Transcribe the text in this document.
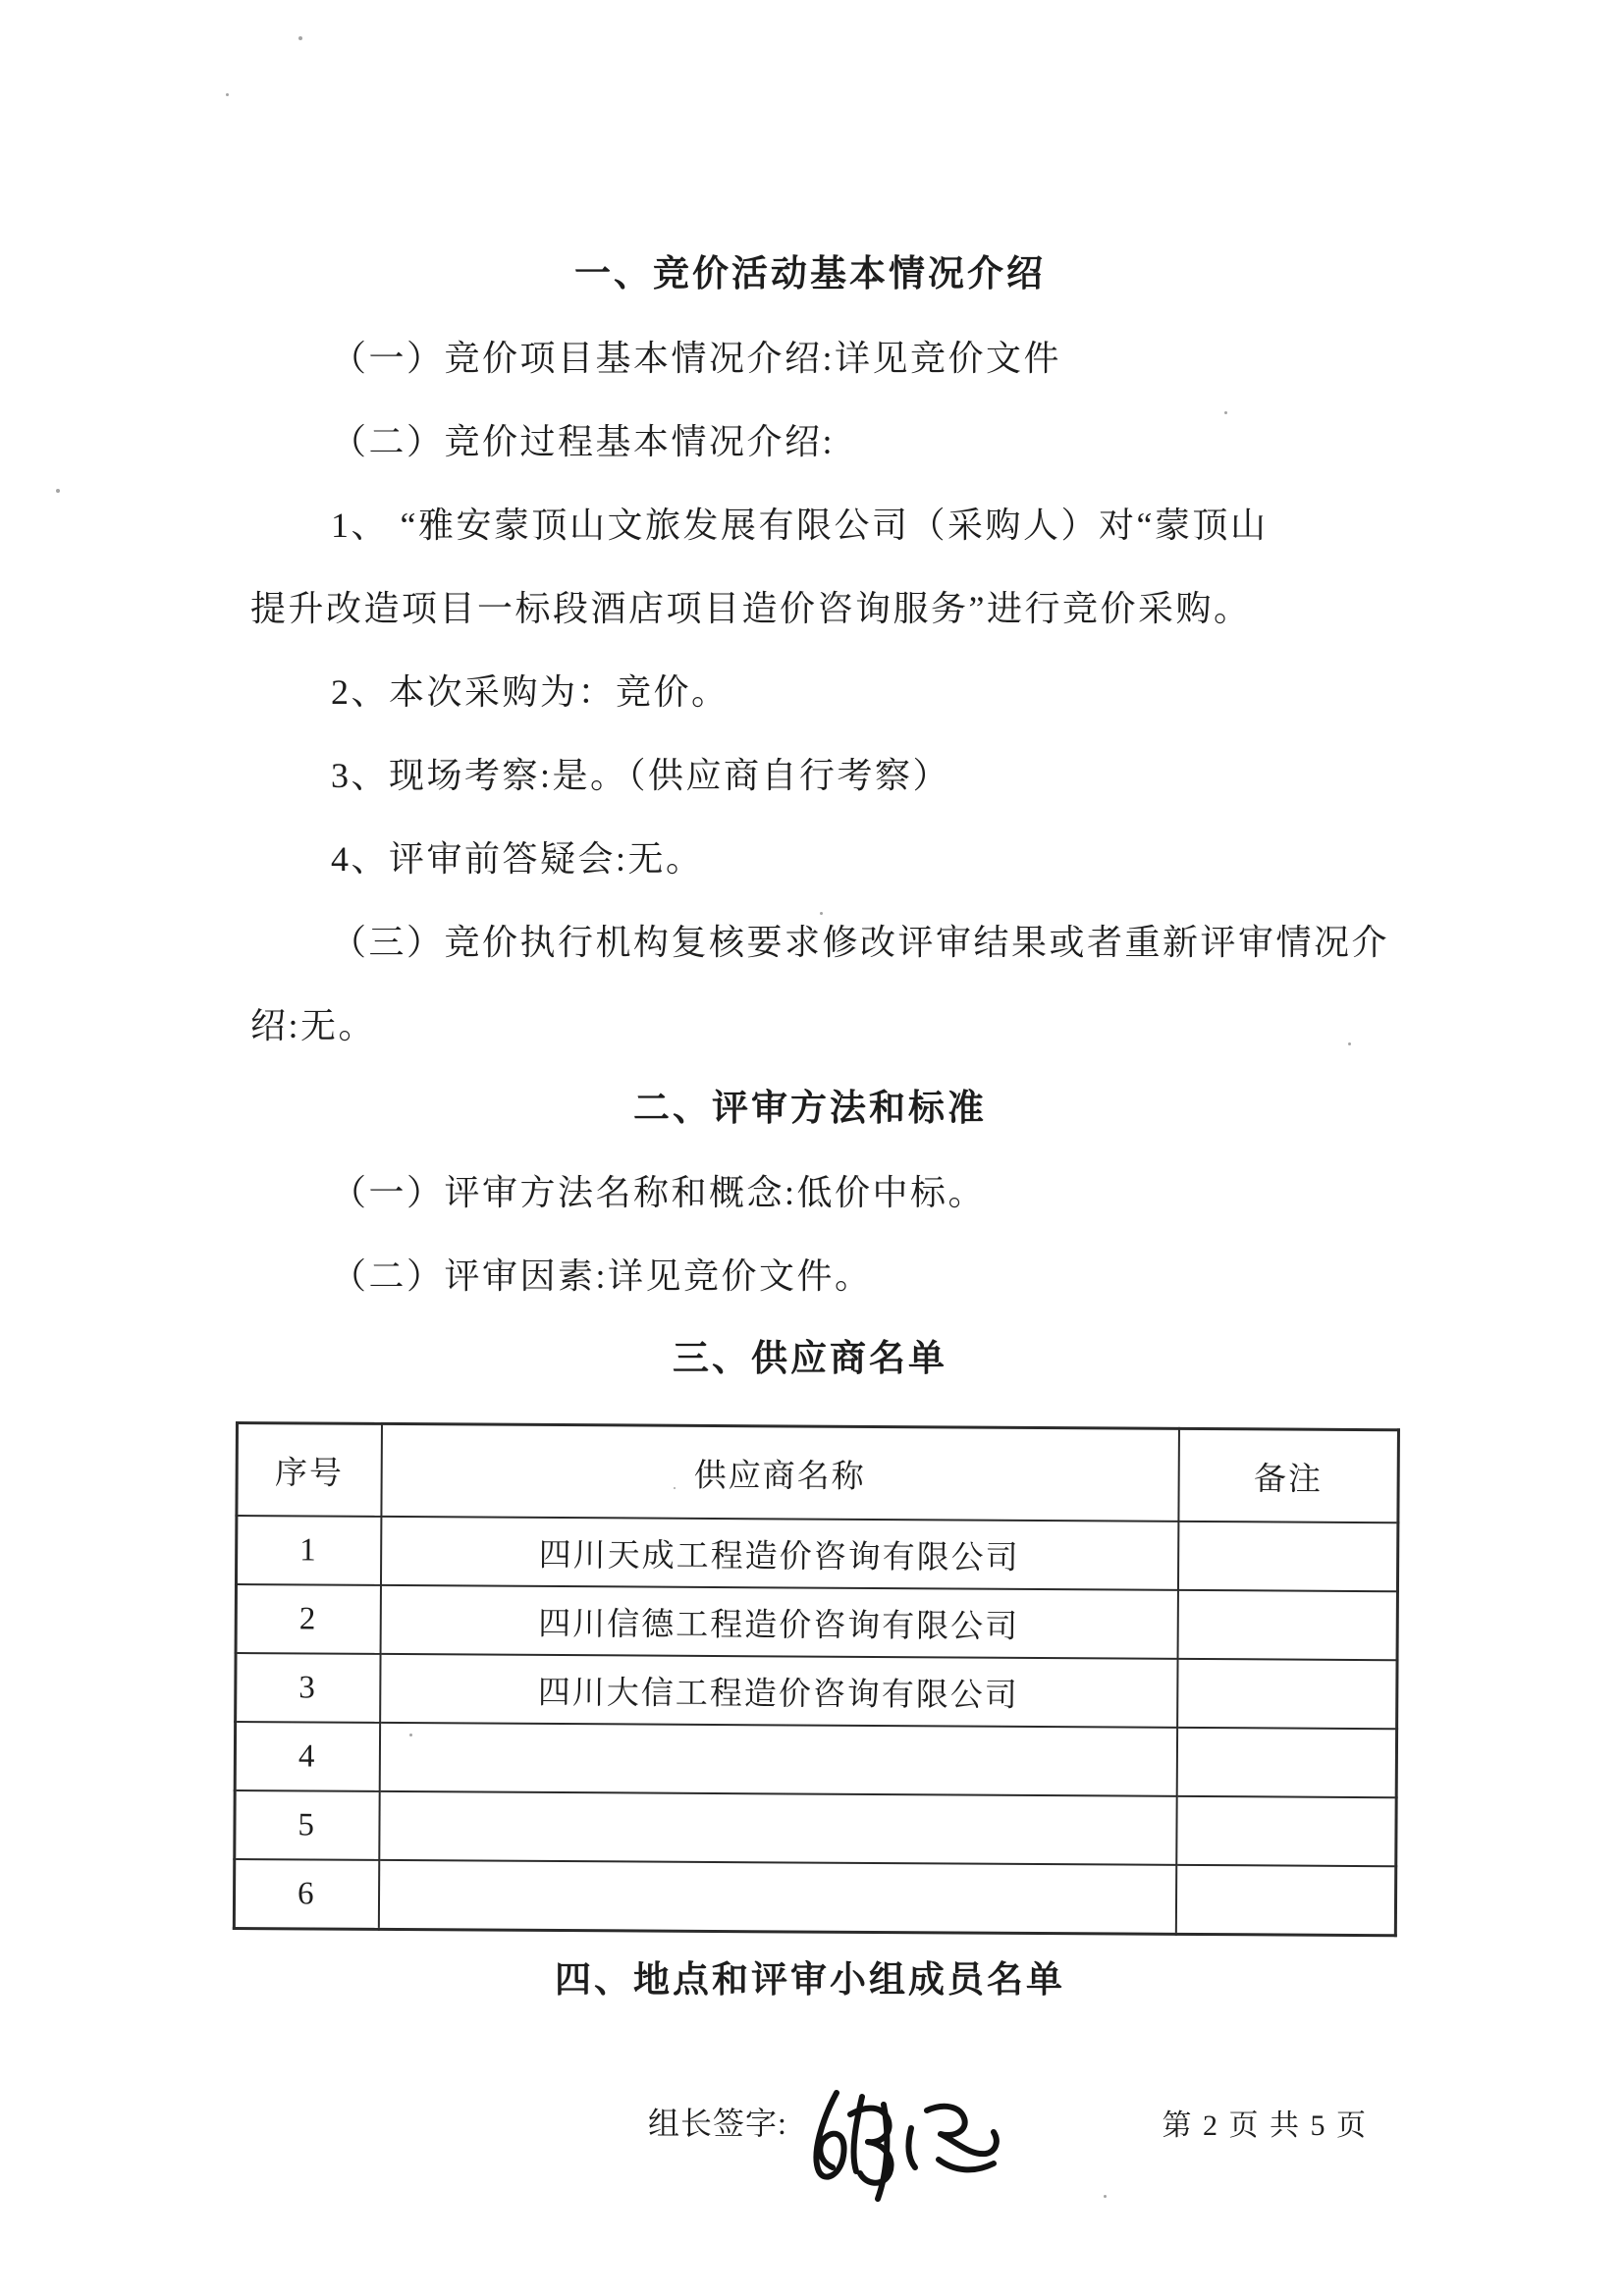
一、竞价活动基本情况介绍
（一）竞价项目基本情况介绍:详见竞价文件
（二）竞价过程基本情况介绍:
1、 “雅安蒙顶山文旅发展有限公司（采购人）对“蒙顶山
提升改造项目一标段酒店项目造价咨询服务”进行竞价采购。
2、本次采购为：竞价。
3、现场考察:是。（供应商自行考察）
4、评审前答疑会:无。
（三）竞价执行机构复核要求修改评审结果或者重新评审情况介
绍:无。
二、评审方法和标准
（一）评审方法名称和概念:低价中标。
（二）评审因素:详见竞价文件。
三、供应商名单
序号	供应商名称	备注
1	四川天成工程造价咨询有限公司	
2	四川信德工程造价咨询有限公司	
3	四川大信工程造价咨询有限公司	
4		
5		
6		
四、地点和评审小组成员名单
组长签字:	第 2 页 共 5 页
